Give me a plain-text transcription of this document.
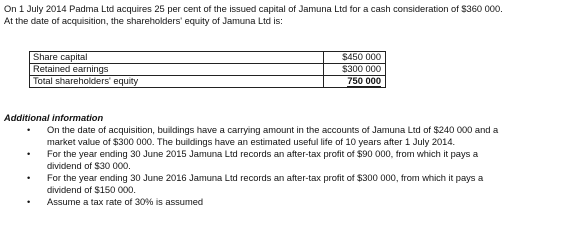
On 1 July 2014 Padma Ltd acquires 25 per cent of the issued capital of Jamuna Ltd for a cash consideration of $360 000.

At the date of acquisition, the shareholders' equity of Jamuna Ltd is:

Share capital	$450 000
Retained earnings	$300 000
Total shareholders' equity	750 000

Additional information

• On the date of acquisition, buildings have a carrying amount in the accounts of Jamuna Ltd of $240 000 and a
market value of $300 000. The buildings have an estimated useful life of 10 years after 1 July 2014.
• For the year ending 30 June 2015 Jamuna Ltd records an after-tax profit of $90 000, from which it pays a
dividend of $30 000.
• For the year ending 30 June 2016 Jamuna Ltd records an after-tax profit of $300 000, from which it pays a
dividend of $150 000.
• Assume a tax rate of 30% is assumed
